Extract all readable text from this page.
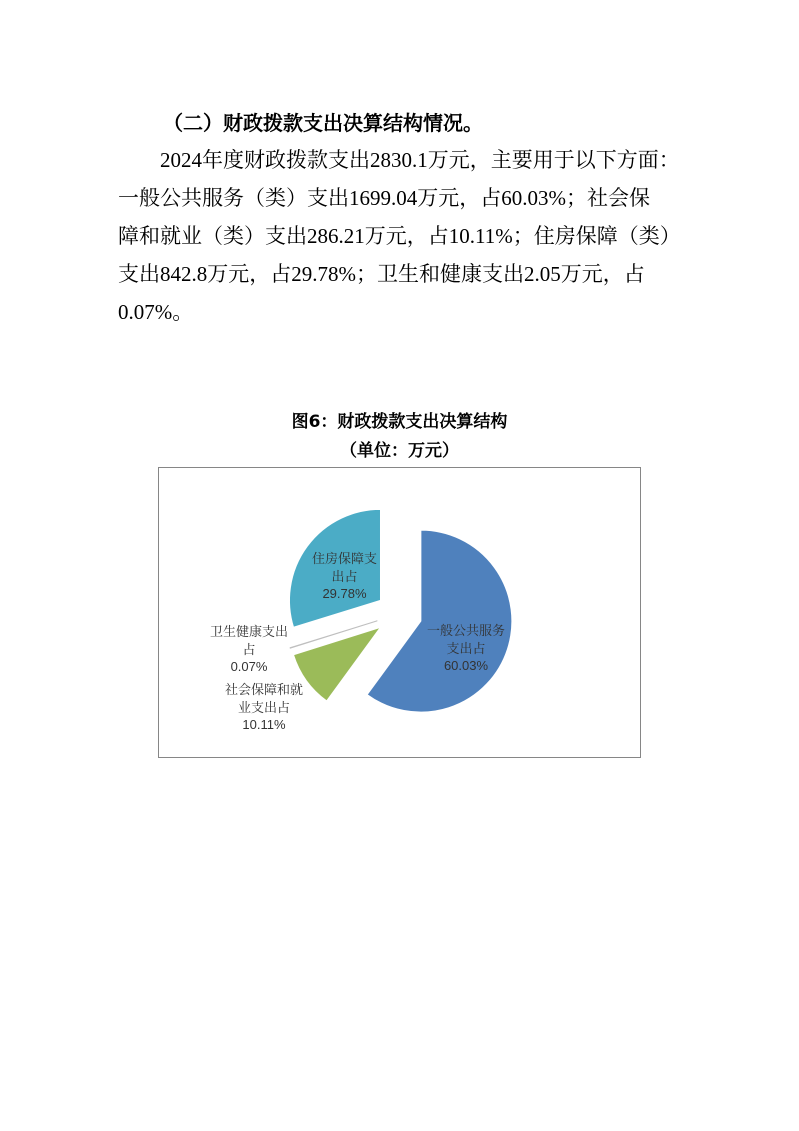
（二）财政拨款支出决算结构情况。
2024年度财政拨款支出2830.1万元，主要用于以下方面：
一般公共服务（类）支出1699.04万元，占60.03%；社会保
障和就业（类）支出286.21万元，占10.11%；住房保障（类）
支出842.8万元，占29.78%；卫生和健康支出2.05万元，占
0.07%。
图6：财政拨款支出决算结构
（单位：万元）
一般公共服务支出占
60.03%
社会保障和就业支出占
10.11%
卫生健康支出占
0.07%
住房保障支出占
29.78%
